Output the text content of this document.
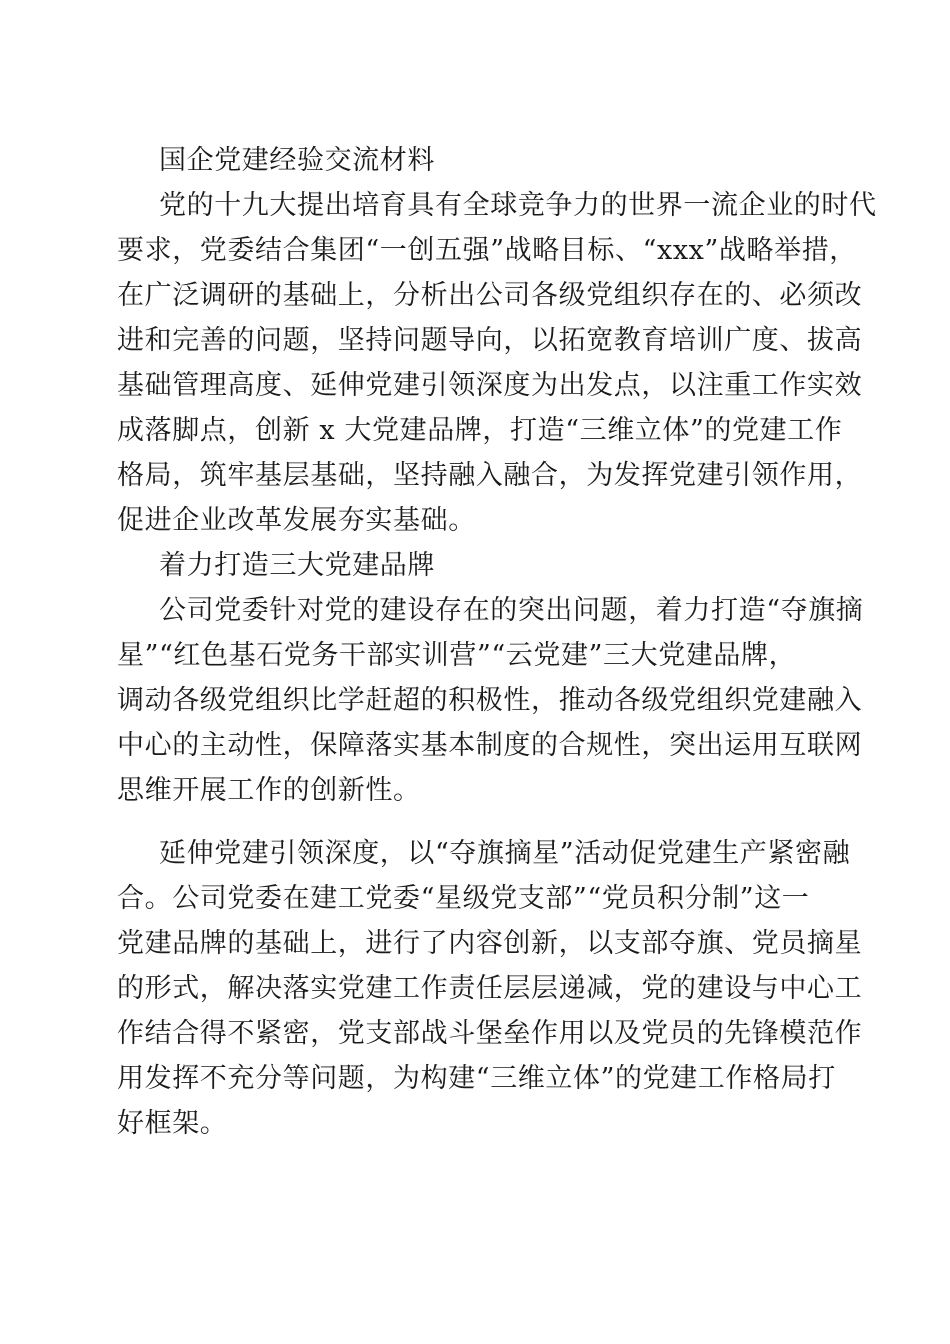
国企党建经验交流材料
党的十九大提出培育具有全球竞争力的世界一流企业的时代
要求，党委结合集团“一创五强”战略目标、“xxx”战略举措，
在广泛调研的基础上，分析出公司各级党组织存在的、必须改
进和完善的问题，坚持问题导向，以拓宽教育培训广度、拔高
基础管理高度、延伸党建引领深度为出发点，以注重工作实效
成落脚点，创新 x 大党建品牌，打造“三维立体”的党建工作
格局，筑牢基层基础，坚持融入融合，为发挥党建引领作用，
促进企业改革发展夯实基础。
着力打造三大党建品牌
公司党委针对党的建设存在的突出问题，着力打造“夺旗摘
星”“红色基石党务干部实训营”“云党建”三大党建品牌，
调动各级党组织比学赶超的积极性，推动各级党组织党建融入
中心的主动性，保障落实基本制度的合规性，突出运用互联网
思维开展工作的创新性。
延伸党建引领深度，以“夺旗摘星”活动促党建生产紧密融
合。公司党委在建工党委“星级党支部”“党员积分制”这一
党建品牌的基础上，进行了内容创新，以支部夺旗、党员摘星
的形式，解决落实党建工作责任层层递减，党的建设与中心工
作结合得不紧密，党支部战斗堡垒作用以及党员的先锋模范作
用发挥不充分等问题，为构建“三维立体”的党建工作格局打
好框架。
